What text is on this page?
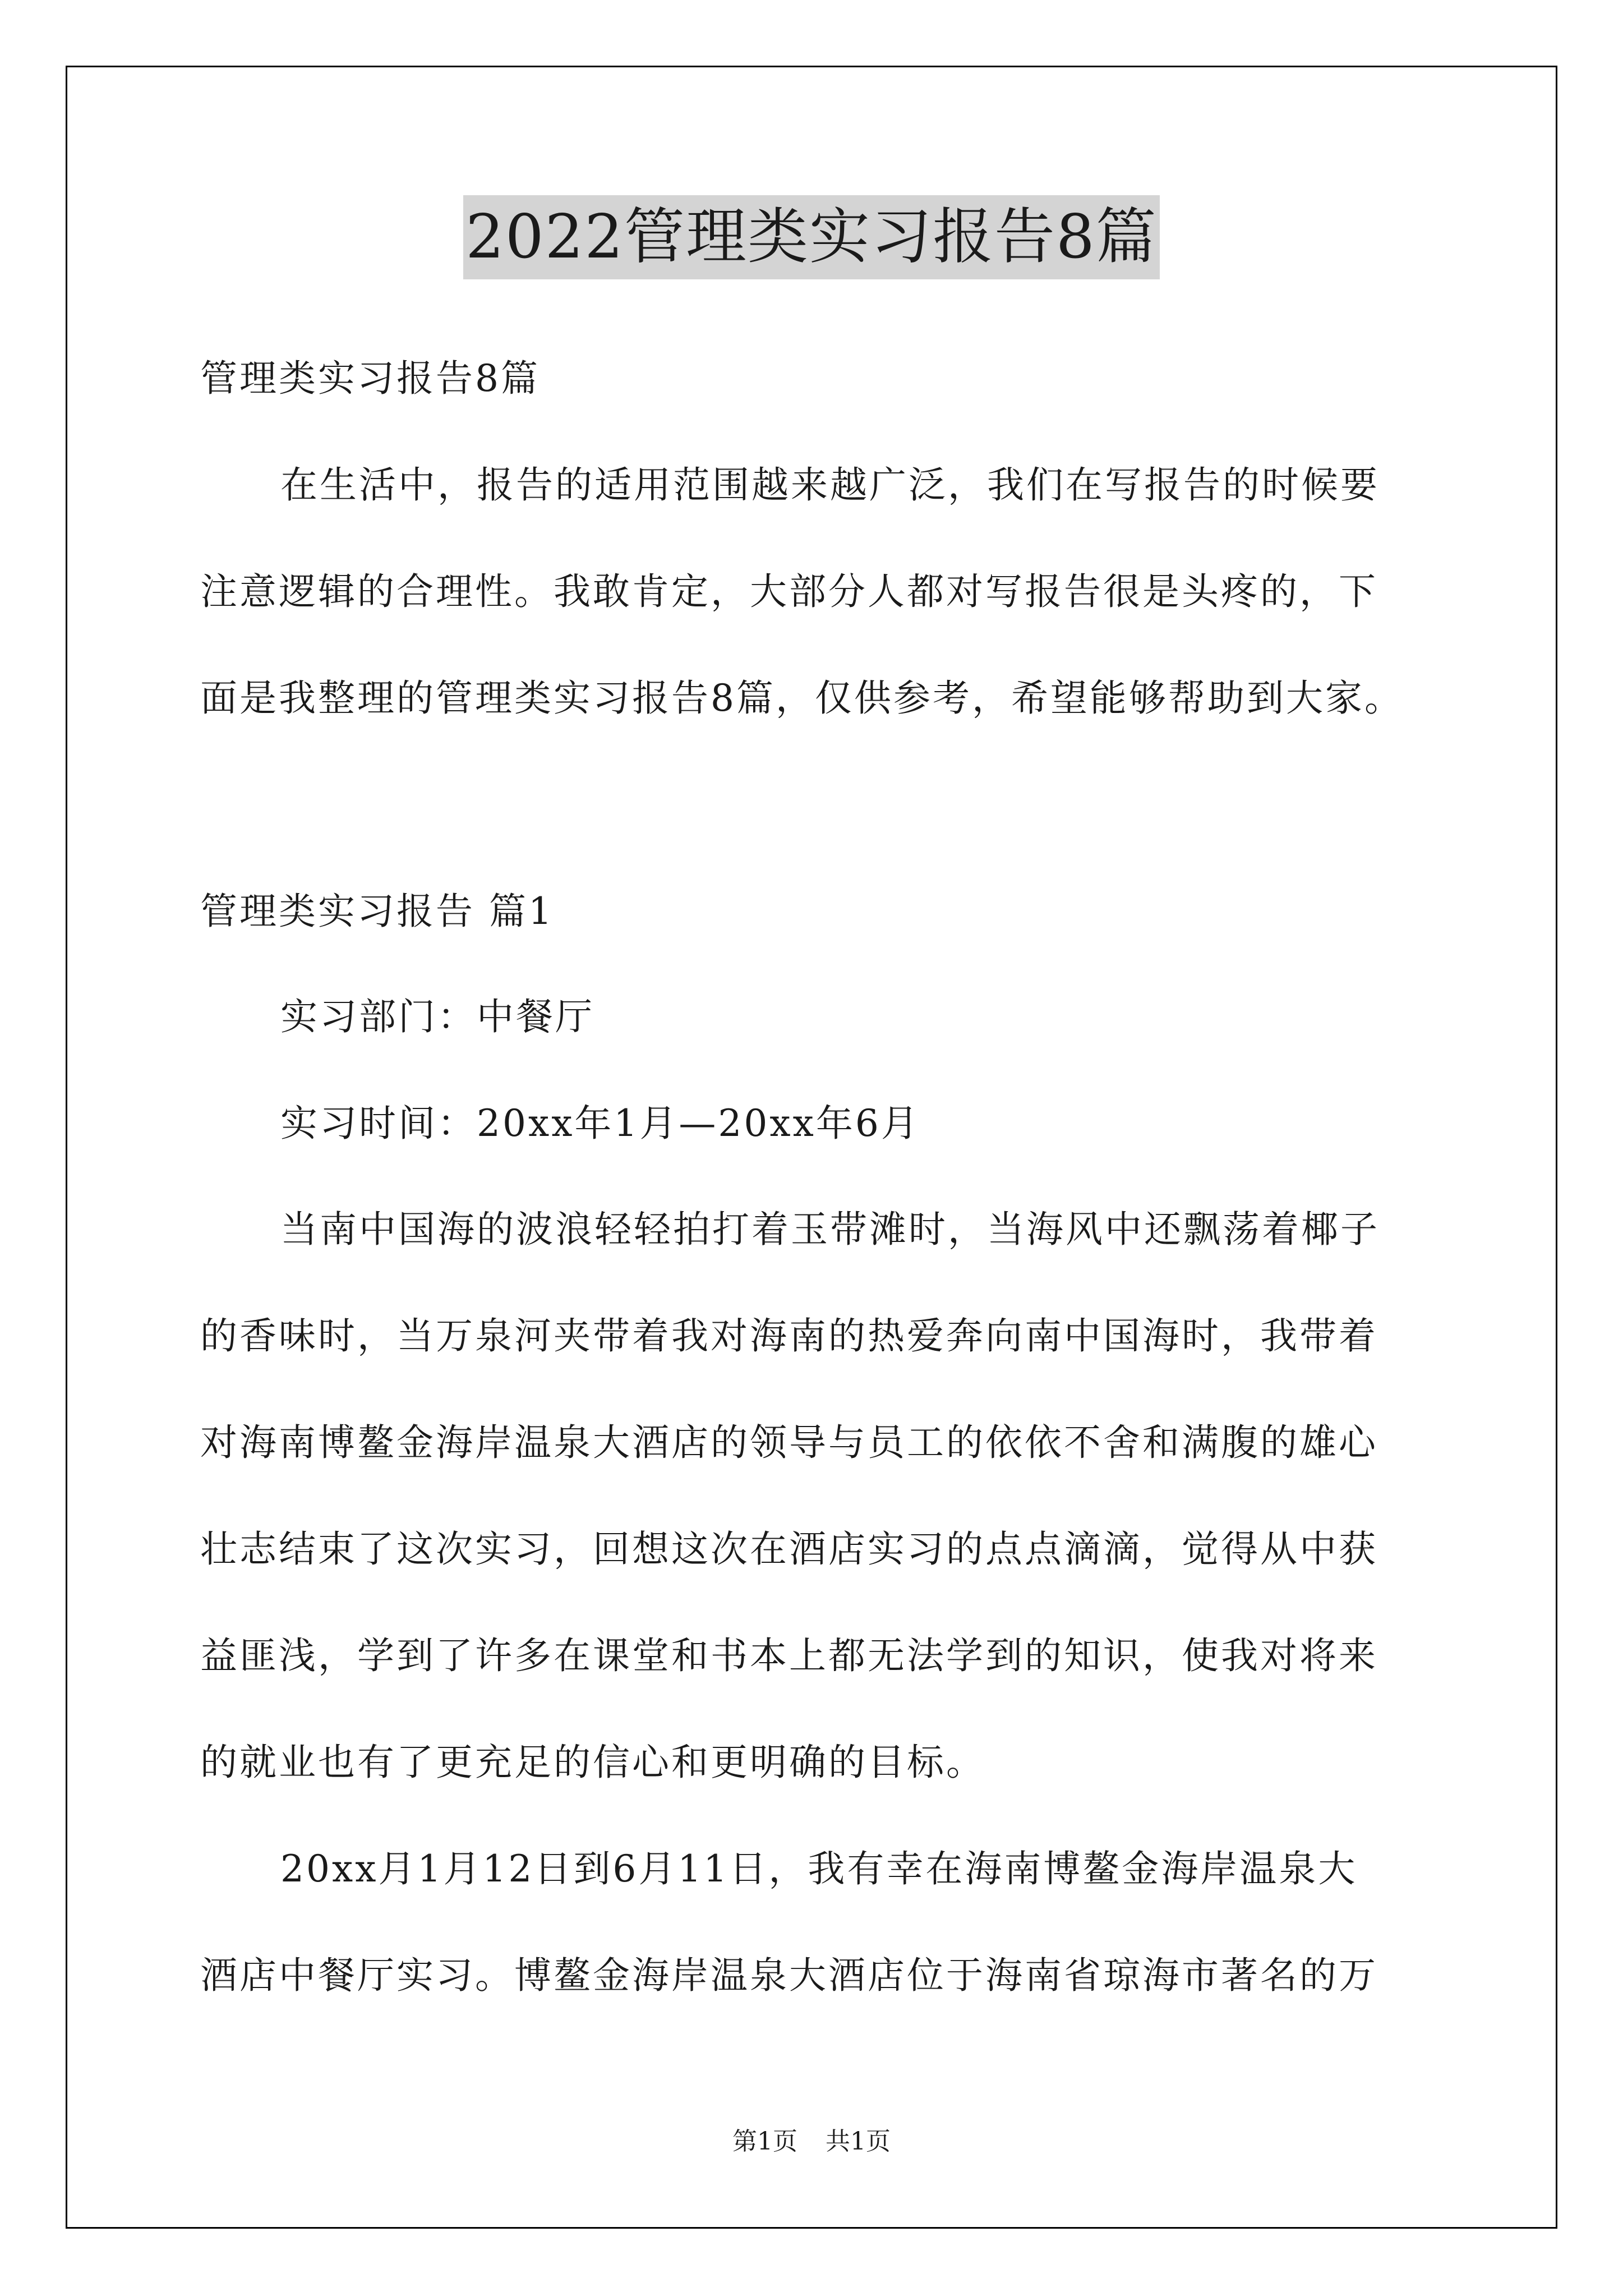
2022管理类实习报告8篇
管理类实习报告8篇
在生活中，报告的适用范围越来越广泛，我们在写报告的时候要
注意逻辑的合理性。我敢肯定，大部分人都对写报告很是头疼的，下
面是我整理的管理类实习报告8篇，仅供参考，希望能够帮助到大家。
管理类实习报告 篇1
实习部门：中餐厅
实习时间：20xx年1月—20xx年6月
当南中国海的波浪轻轻拍打着玉带滩时，当海风中还飘荡着椰子
的香味时，当万泉河夹带着我对海南的热爱奔向南中国海时，我带着
对海南博鳌金海岸温泉大酒店的领导与员工的依依不舍和满腹的雄心
壮志结束了这次实习，回想这次在酒店实习的点点滴滴，觉得从中获
益匪浅，学到了许多在课堂和书本上都无法学到的知识，使我对将来
的就业也有了更充足的信心和更明确的目标。
20xx月1月12日到6月11日，我有幸在海南博鳌金海岸温泉大
酒店中餐厅实习。博鳌金海岸温泉大酒店位于海南省琼海市著名的万
第1页 共1页
